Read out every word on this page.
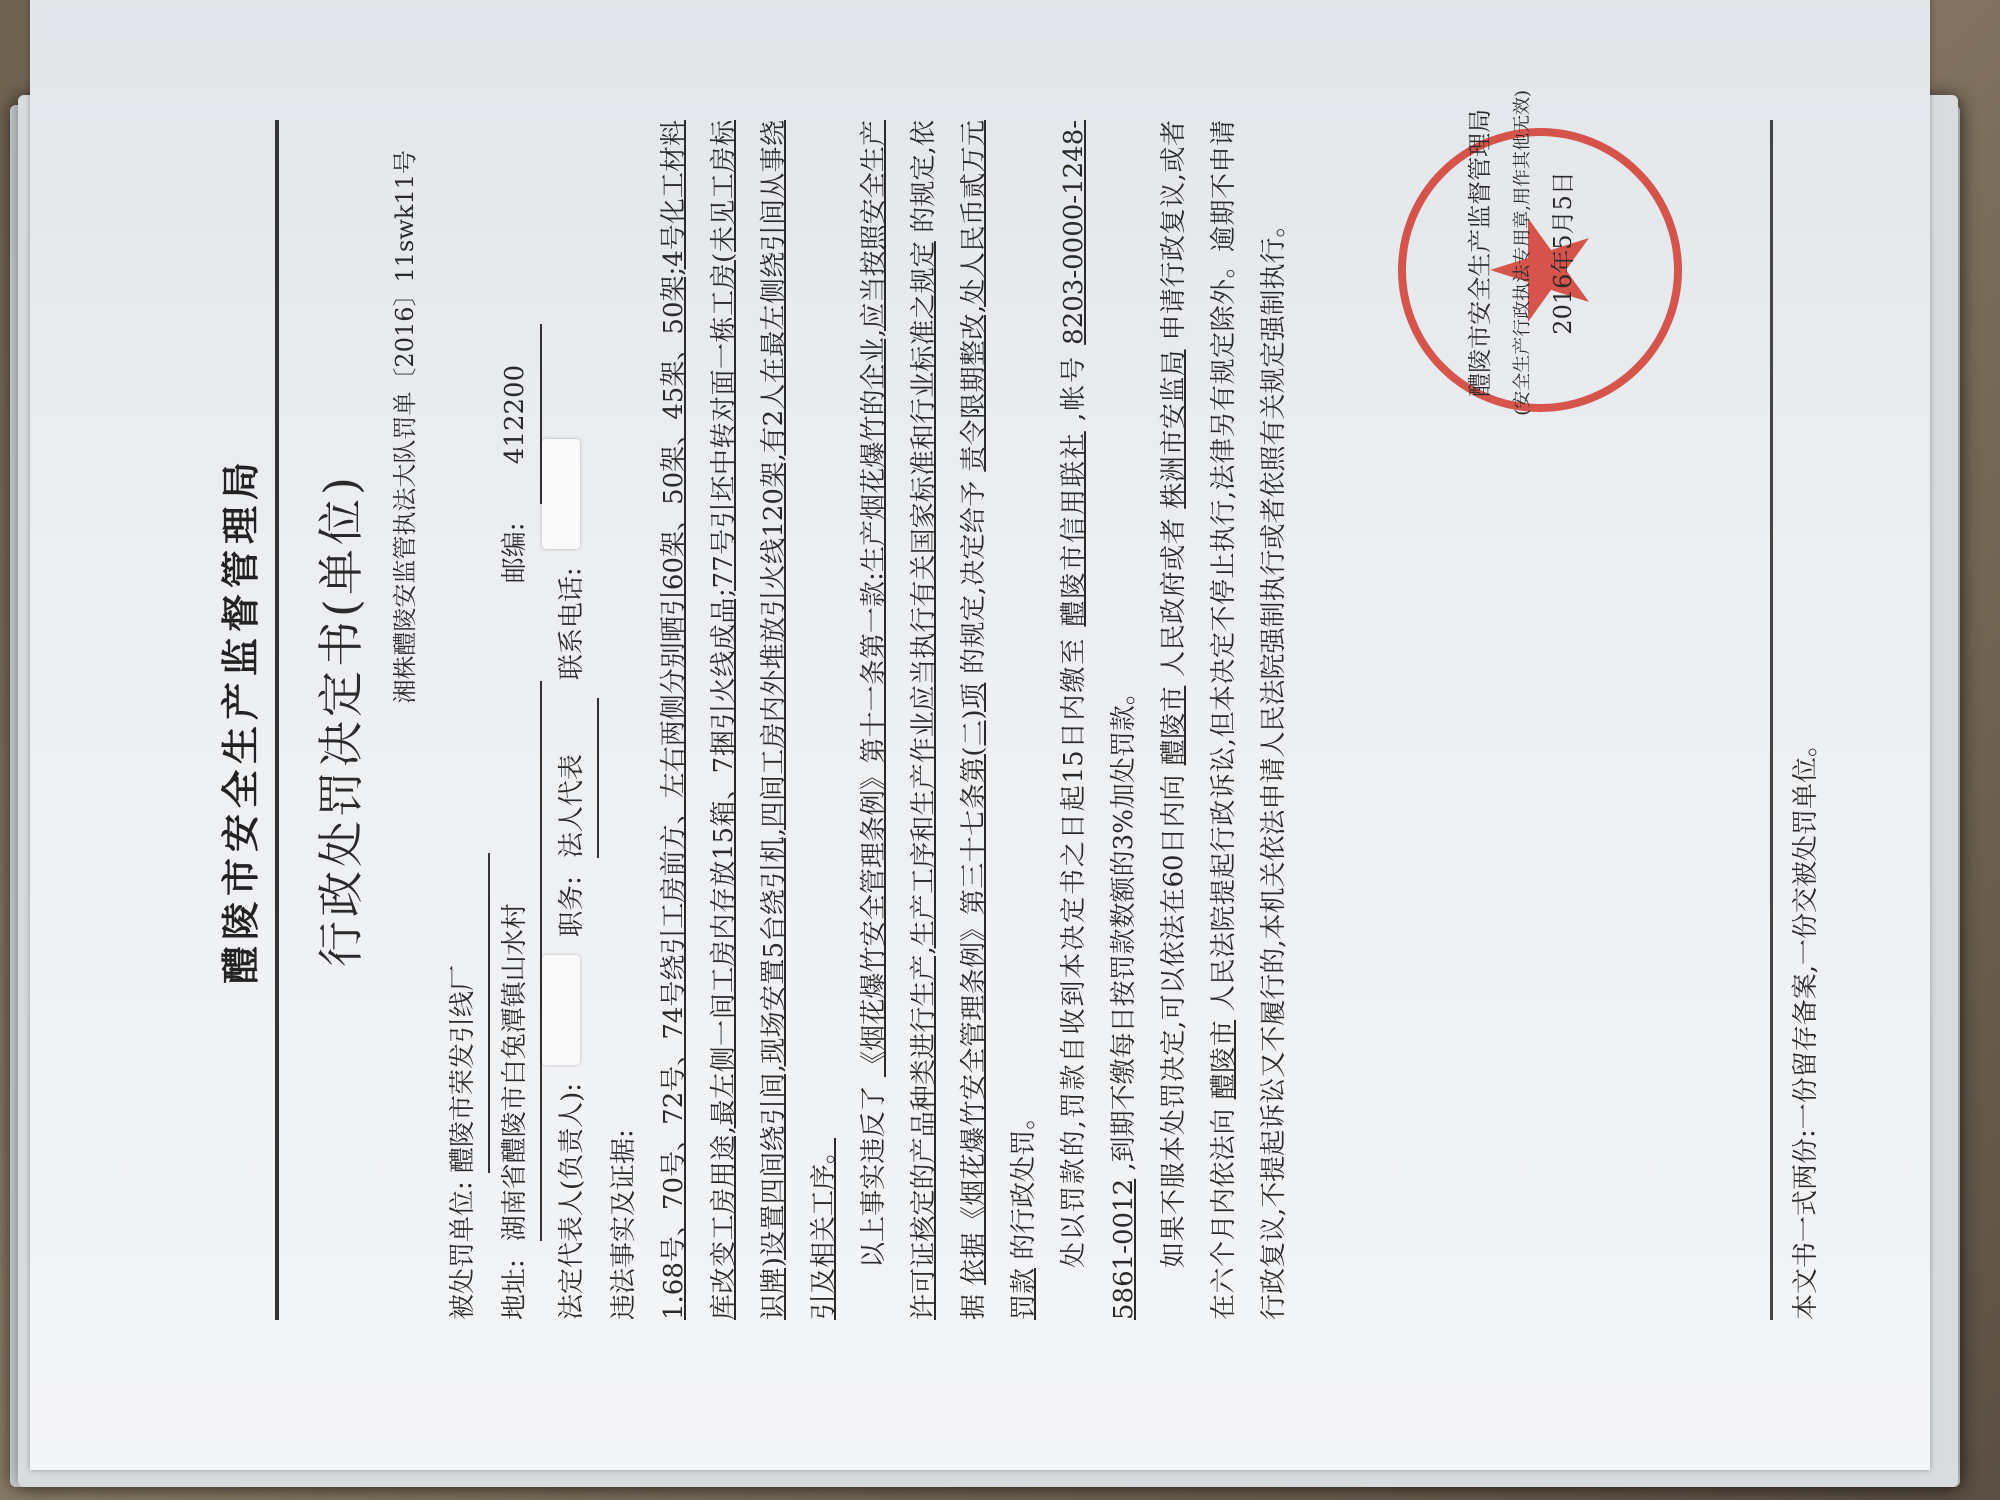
醴陵市安全生产监督管理局	行政处罚决定书(单位)
湘株醴陵安监管执法大队罚单〔2016〕11swk11号

被处罚单位: 醴陵市荣发引线厂

地址:
湖南省醴陵市白兔潭镇山水村
邮编:
412200

法定代表人(负责人):
职务:
法人代表
联系电话:

违法事实及证据: 1.68号、70号、72号、74号绕引工房前方、左右两侧分别晒引60架、50架、45架、50架;4号化工材料库改变工房用途,最左侧一间工房内存放15箱、7捆引火线成品;77号引坯中转对面一栋工房(未见工房标识牌)设置四间绕引间,现场安置5台绕引机,四间工房内外堆放引火线120架,有2人在最左侧绕引间从事绕引及相关工序。 以上事实违反了 《烟花爆竹安全管理条例》第十一条第一款:生产烟花爆竹的企业,应当按照安全生产许可证核定的产品种类进行生产,生产工序和生产作业应当执行有关国家标准和行业标准之规定 的规定,依据 依据《烟花爆竹安全管理条例》第三十七条第(二)项 的规定,决定给予 责令限期整改,处人民币贰万元罚款 的行政处罚。 处以罚款的,罚款自收到本决定书之日起15日内缴至 醴陵市信用联社 ,帐号 8203-0000-1248-5861-0012 ,到期不缴每日按罚款数额的3%加处罚款。 如果不服本处罚决定,可以依法在60日内向 醴陵市 人民政府或者 株洲市安监局 申请行政复议,或者在六个月内依法向 醴陵市 人民法院提起行政诉讼,但本决定不停止执行,法律另有规定除外。逾期不申请行政复议,不提起诉讼又不履行的,本机关依法申请人民法院强制执行或者依照有关规定强制执行。	醴陵市安全生产监督管理局	(安全生产行政执法专用章,用作其他无效) 2016年5月5日
本文书一式两份:一份留存备案,一份交被处罚单位。
